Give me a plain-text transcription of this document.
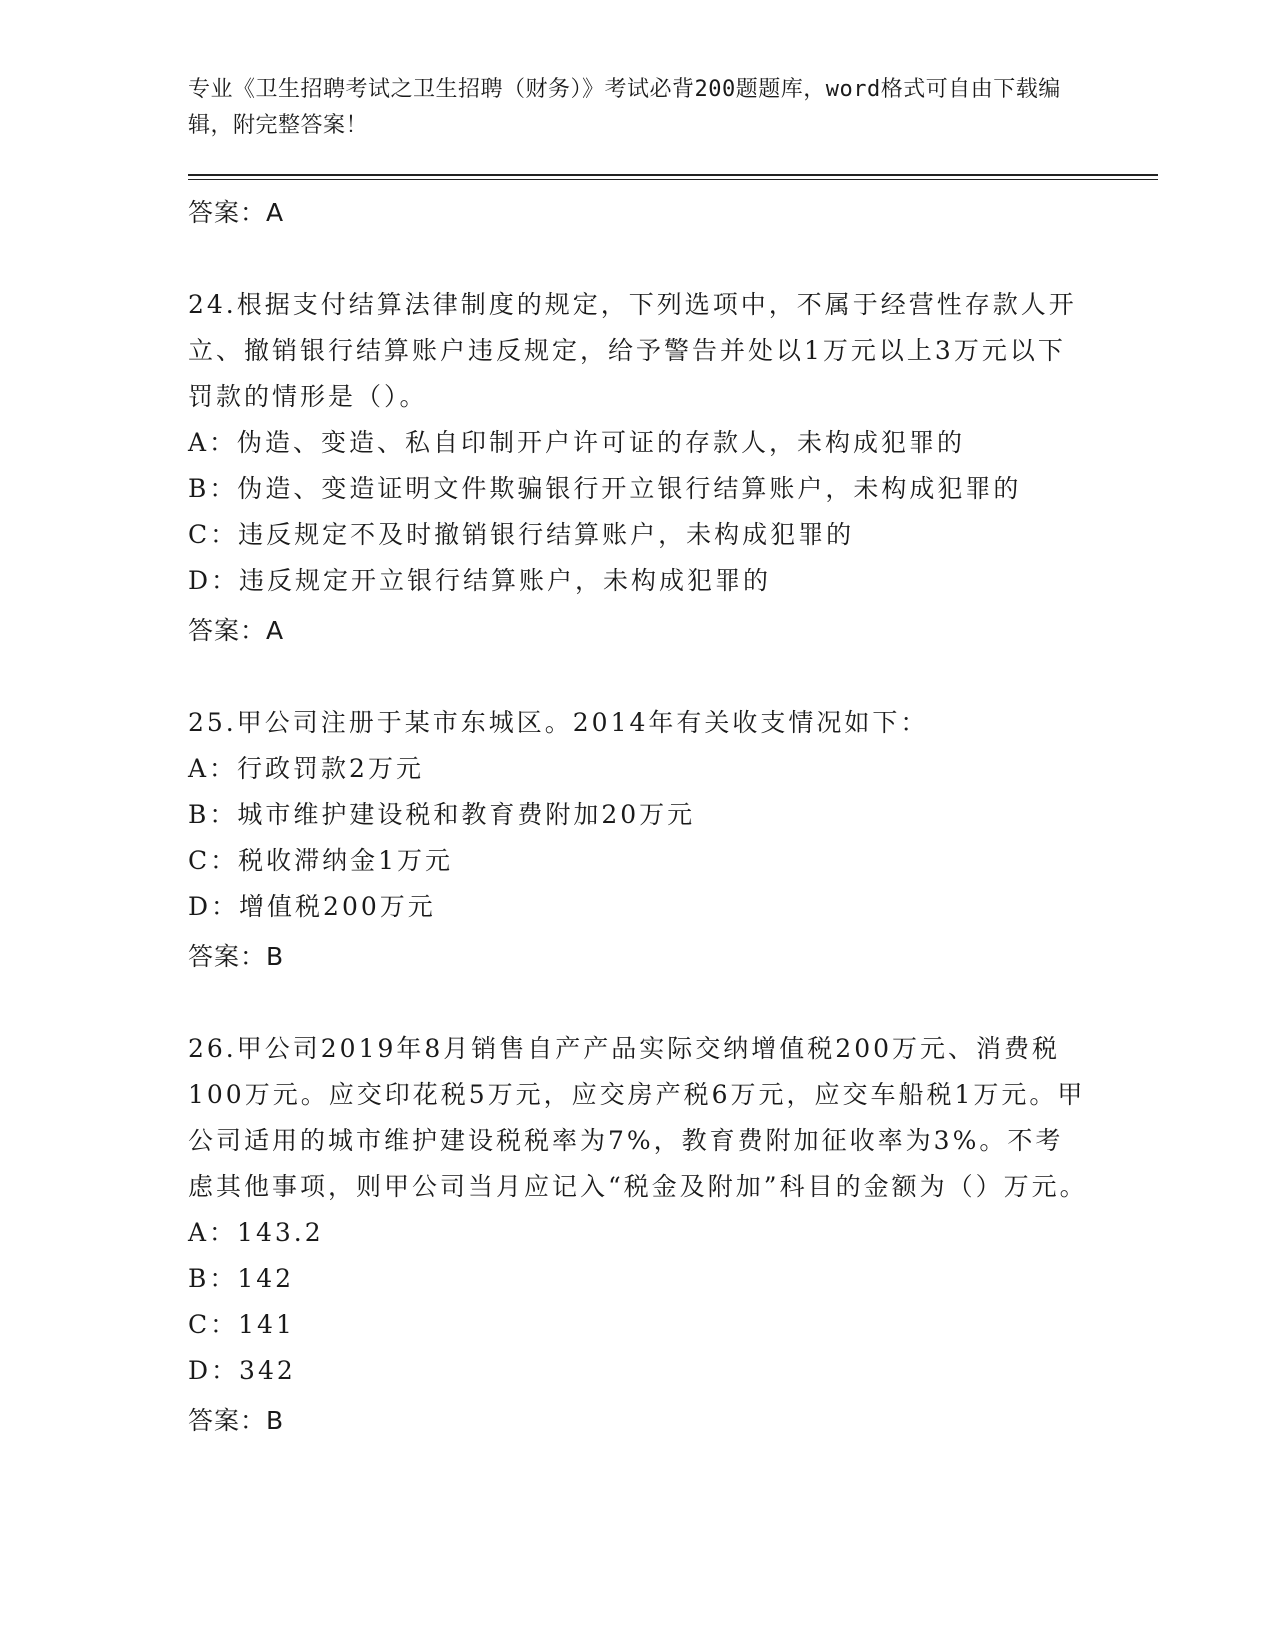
专业《卫生招聘考试之卫生招聘（财务）》考试必背200题题库，word格式可自由下载编辑，附完整答案！
答案：A
24.根据支付结算法律制度的规定，下列选项中，不属于经营性存款人开立、撤销银行结算账户违反规定，给予警告并处以1万元以上3万元以下罚款的情形是（）。
A：伪造、变造、私自印制开户许可证的存款人，未构成犯罪的
B：伪造、变造证明文件欺骗银行开立银行结算账户，未构成犯罪的
C：违反规定不及时撤销银行结算账户，未构成犯罪的
D：违反规定开立银行结算账户，未构成犯罪的
答案：A
25.甲公司注册于某市东城区。2014年有关收支情况如下：
A：行政罚款2万元
B：城市维护建设税和教育费附加20万元
C：税收滞纳金1万元
D：增值税200万元
答案：B
26.甲公司2019年8月销售自产产品实际交纳增值税200万元、消费税100万元。应交印花税5万元，应交房产税6万元，应交车船税1万元。甲公司适用的城市维护建设税税率为7%，教育费附加征收率为3%。不考虑其他事项，则甲公司当月应记入“税金及附加”科目的金额为（）万元。
A：143.2
B：142
C：141
D：342
答案：B
